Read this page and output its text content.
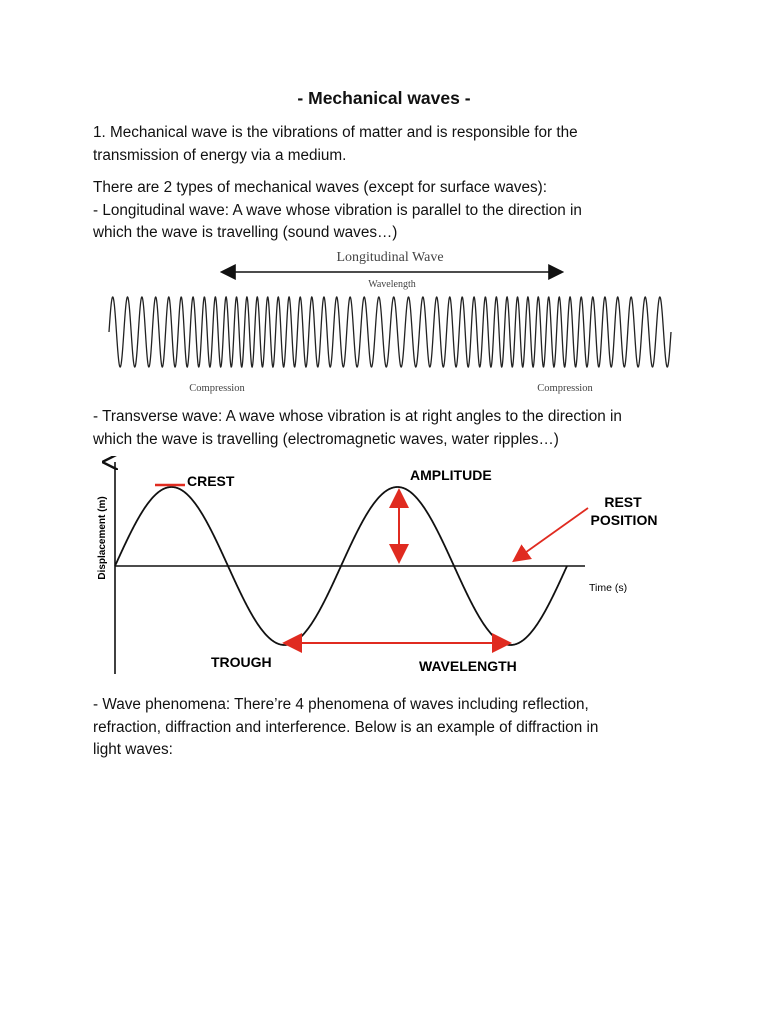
- Mechanical waves -

1. Mechanical wave is the vibrations of matter and is responsible for the
transmission of energy via a medium.

There are 2 types of mechanical waves (except for surface waves):
- Longitudinal wave: A wave whose vibration is parallel to the direction in
which the wave is travelling (sound waves…)

Longitudinal Wave
Wavelength
Compression	Compression

- Transverse wave: A wave whose vibration is at right angles to the direction in
which the wave is travelling (electromagnetic waves, water ripples…)

Displacement (m)
Time (s)
CREST	AMPLITUDE
REST
POSITION
TROUGH	WAVELENGTH

- Wave phenomena: There’re 4 phenomena of waves including reflection,
refraction, diffraction and interference. Below is an example of diffraction in
light waves:
